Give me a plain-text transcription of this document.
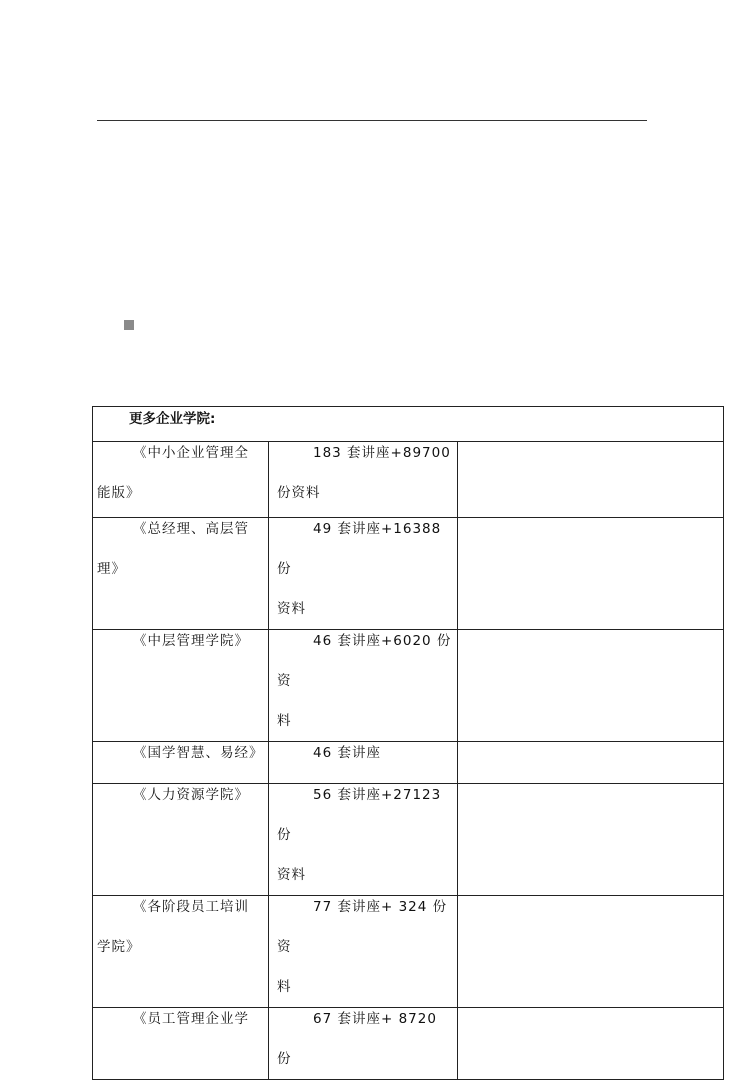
更多企业学院:		

《中小企业管理全
能版》	183 套讲座+89700
份资料	

《总经理、高层管理》	49 套讲座+16388 份
资料	

《中层管理学院》	46 套讲座+6020 份资
料	

《国学智慧、易经》	46 套讲座	

《人力资源学院》	56 套讲座+27123 份
资料	

《各阶段员工培训
学院》	77 套讲座+ 324 份资
料	

《员工管理企业学	67 套讲座+ 8720 份	
